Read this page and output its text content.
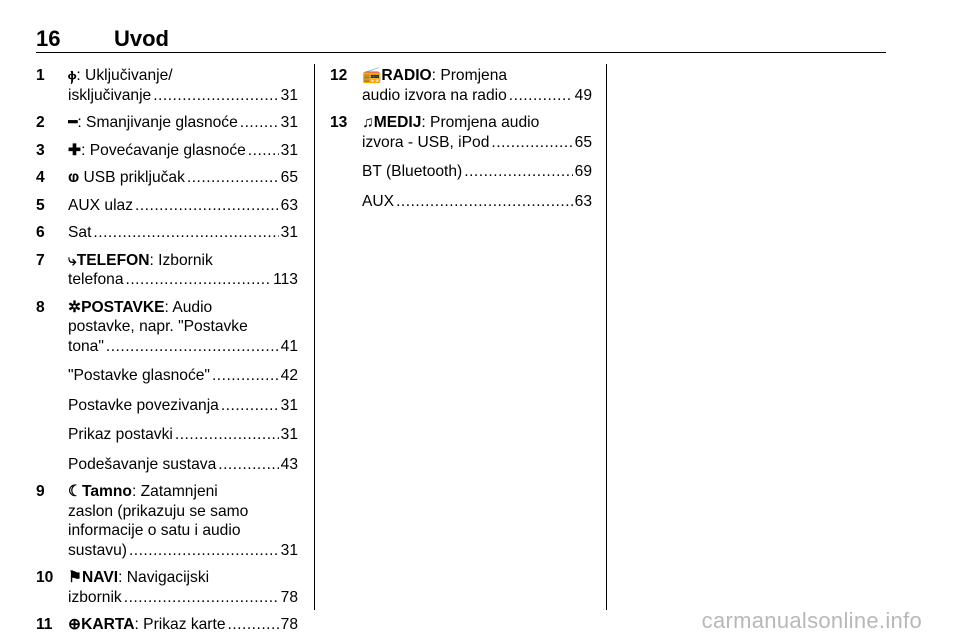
16 Uvod
1 ⲫ: Uključivanje/
isključivanje .....	31
2 ━: Smanjivanje glasnoće .....	31
3 ✚: Povećavanje glasnoće ..... 31
4 ⱷ USB priključak .....	65
5 AUX ulaz .....	63
6 Sat .....	31
7 ⤷TELEFON: Izbornik
telefona .....	113
8 ✲POSTAVKE: Audio
postavke, napr. "Postavke
tona" .....	41
"Postavke glasnoće" .....	42
Postavke povezivanja .....	31
Prikaz postavki .....	31
Podešavanje sustava .....	43
9 ☾Tamno: Zatamnjeni
zaslon (prikazuju se samo
informacije o satu i audio
sustavu) .....	31
10 ⚑NAVI: Navigacijski
izbornik .....	78
11 ⊕KARTA: Prikaz karte .....	78
12 📻RADIO: Promjena
audio izvora na radio .....	49
13 ♫MEDIJ: Promjena audio
izvora - USB, iPod .....	65
BT (Bluetooth) .....	69
AUX .....	63
carmanualsonline.info
